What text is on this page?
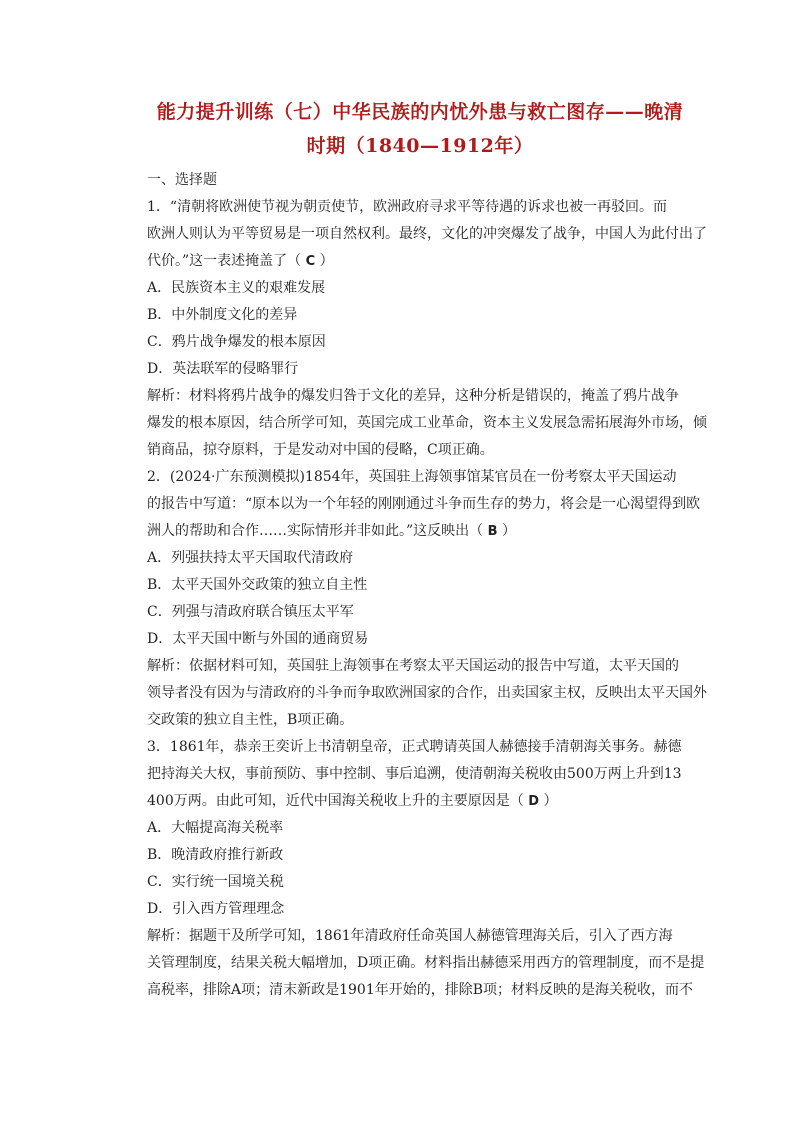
能力提升训练（七）中华民族的内忧外患与救亡图存——晚清
时期（1840—1912年）
一、选择题
1．“清朝将欧洲使节视为朝贡使节，欧洲政府寻求平等待遇的诉求也被一再驳回。而
欧洲人则认为平等贸易是一项自然权利。最终，文化的冲突爆发了战争，中国人为此付出了
代价。”这一表述掩盖了（ C ）
A．民族资本主义的艰难发展
B．中外制度文化的差异
C．鸦片战争爆发的根本原因
D．英法联军的侵略罪行
解析：材料将鸦片战争的爆发归咎于文化的差异，这种分析是错误的，掩盖了鸦片战争
爆发的根本原因，结合所学可知，英国完成工业革命，资本主义发展急需拓展海外市场，倾
销商品，掠夺原料，于是发动对中国的侵略，C项正确。
2．(2024·广东预测模拟)1854年，英国驻上海领事馆某官员在一份考察太平天国运动
的报告中写道：“原本以为一个年轻的刚刚通过斗争而生存的势力，将会是一心渴望得到欧
洲人的帮助和合作……实际情形并非如此。”这反映出（ B ）
A．列强扶持太平天国取代清政府
B．太平天国外交政策的独立自主性
C．列强与清政府联合镇压太平军
D．太平天国中断与外国的通商贸易
解析：依据材料可知，英国驻上海领事在考察太平天国运动的报告中写道，太平天国的
领导者没有因为与清政府的斗争而争取欧洲国家的合作，出卖国家主权，反映出太平天国外
交政策的独立自主性，B项正确。
3．1861年，恭亲王奕䜣上书清朝皇帝，正式聘请英国人赫德接手清朝海关事务。赫德
把持海关大权，事前预防、事中控制、事后追溯，使清朝海关税收由500万两上升到13
400万两。由此可知，近代中国海关税收上升的主要原因是（ D ）
A．大幅提高海关税率
B．晚清政府推行新政
C．实行统一国境关税
D．引入西方管理理念
解析：据题干及所学可知，1861年清政府任命英国人赫德管理海关后，引入了西方海
关管理制度，结果关税大幅增加，D项正确。材料指出赫德采用西方的管理制度，而不是提
高税率，排除A项；清末新政是1901年开始的，排除B项；材料反映的是海关税收，而不
